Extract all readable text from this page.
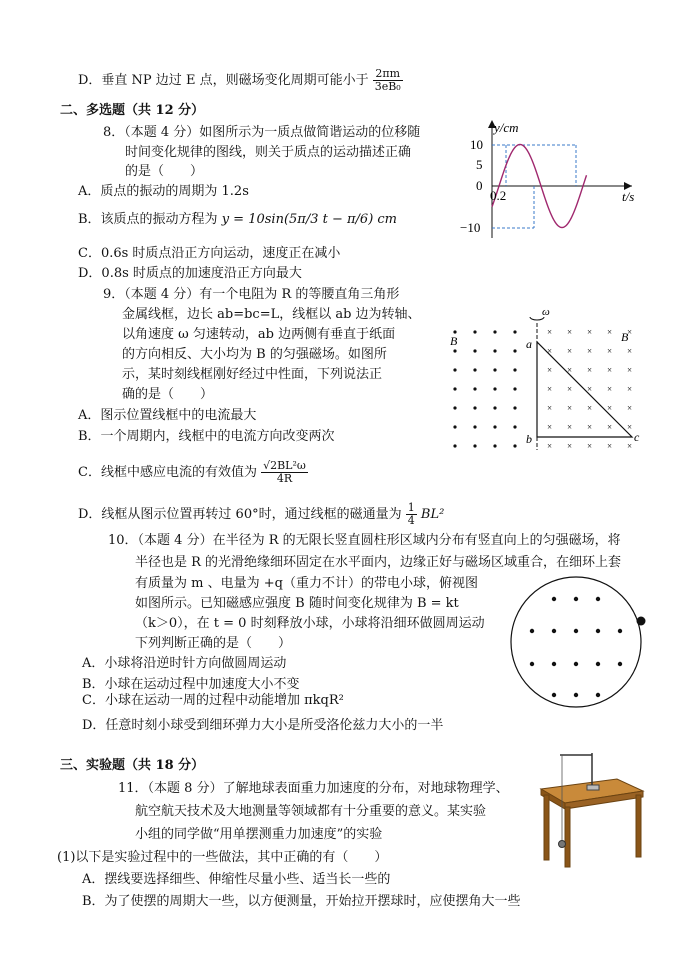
D．垂直 NP 边过 E 点，则磁场变化周期可能小于 $\frac{2\pi m}{\text{3eB₀}}$
二、多选题（共 12 分）
8．（本题 4 分）如图所示为一质点做简谐运动的位移随
时间变化规律的图线，则关于质点的运动描述正确
的是（　　）
A．质点的振动的周期为 1.2s
B．该质点的振动方程为 y = 10sin(5π/3 t − π/6) cm
C．0.6s 时质点沿正方向运动，速度正在减小
D．0.8s 时质点的加速度沿正方向最大
y/cm
t/s
10
5
0
0.2
−10
9．（本题 4 分）有一个电阻为 R 的等腰直角三角形
金属线框，边长 ab=bc=L，线框以 ab 边为转轴、
以角速度 ω 匀速转动，ab 边两侧有垂直于纸面
的方向相反、大小均为 B 的匀强磁场。如图所
示，某时刻线框刚好经过中性面，下列说法正
确的是（　　）
A．图示位置线框中的电流最大
B．一个周期内，线框中的电流方向改变两次
C．线框中感应电流的有效值为 $\frac{\text{√2BL²ω}}{4R}$
D．线框从图示位置再转过 60°时，通过线框的磁通量为 $\frac{1}{4} BL^2$
× × × × ×
× × × × ×
× × × × ×
× × × × ×
× × × × ×
× × × × ×
× × × × ×
ω
B	B
a
b	c
10．（本题 4 分）在半径为 R 的无限长竖直圆柱形区域内分布有竖直向上的匀强磁场，将
半径也是 R 的光滑绝缘细环固定在水平面内，边缘正好与磁场区域重合，在细环上套
有质量为 m 、电量为 +q（重力不计）的带电小球，俯视图
如图所示。已知磁感应强度 B 随时间变化规律为 B = kt
（k＞0），在 t = 0 时刻释放小球，小球将沿细环做圆周运动
下列判断正确的是（　　）
A．小球将沿逆时针方向做圆周运动
B．小球在运动过程中加速度大小不变
C．小球在运动一周的过程中动能增加 πkqR²
D．任意时刻小球受到细环弹力大小是所受洛伦兹力大小的一半
三、实验题（共 18 分）
11．（本题 8 分）了解地球表面重力加速度的分布，对地球物理学、
航空航天技术及大地测量等领域都有十分重要的意义。某实验
小组的同学做“用单摆测重力加速度”的实验
(1)以下是实验过程中的一些做法，其中正确的有（　　）
A．摆线要选择细些、伸缩性尽量小些、适当长一些的
B．为了使摆的周期大一些，以方便测量，开始拉开摆球时，应使摆角大一些
